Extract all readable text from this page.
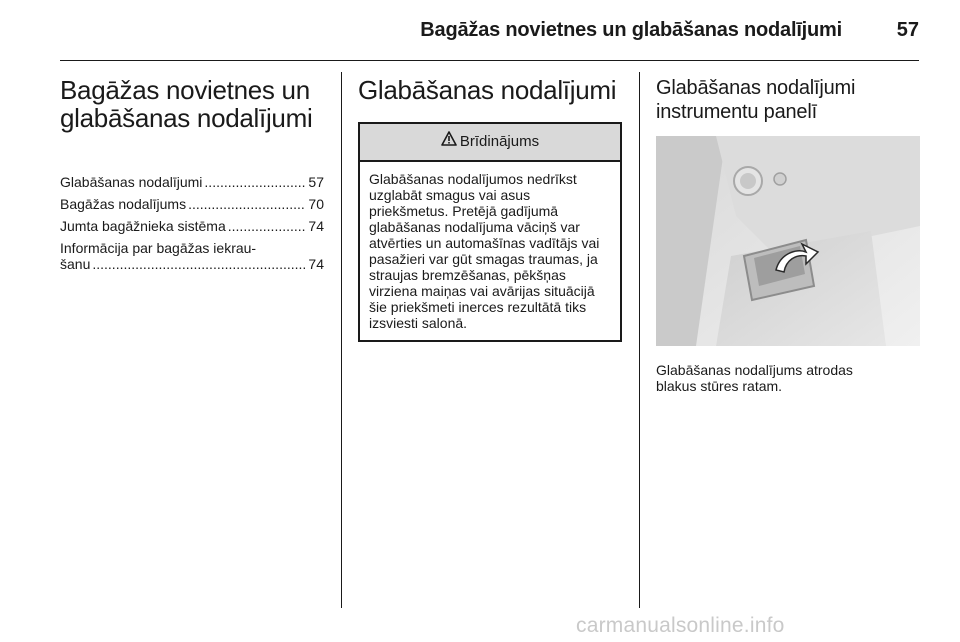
Bagāžas novietnes un glabāšanas nodalījumi	57
Bagāžas novietnes un glabāšanas nodalījumi
Glabāšanas nodalījumi .....	57
Bagāžas nodalījums .....	70
Jumta bagāžnieka sistēma .....	74
Informācija par bagāžas iekrau-
šanu .....	74
Glabāšanas nodalījumi
Brīdinājums
Glabāšanas nodalījumos nedrīkst uzglabāt smagus vai asus priekšmetus. Pretējā gadījumā glabāšanas nodalījuma vāciņš var atvērties un automašīnas vadītājs vai pasažieri var gūt smagas traumas, ja straujas bremzēšanas, pēkšņas virziena maiņas vai avārijas situācijā šie priekšmeti inerces rezultātā tiks izsviesti salonā.
Glabāšanas nodalījumi instrumentu panelī
Glabāšanas nodalījums atrodas blakus stūres ratam.
carmanualsonline.info
